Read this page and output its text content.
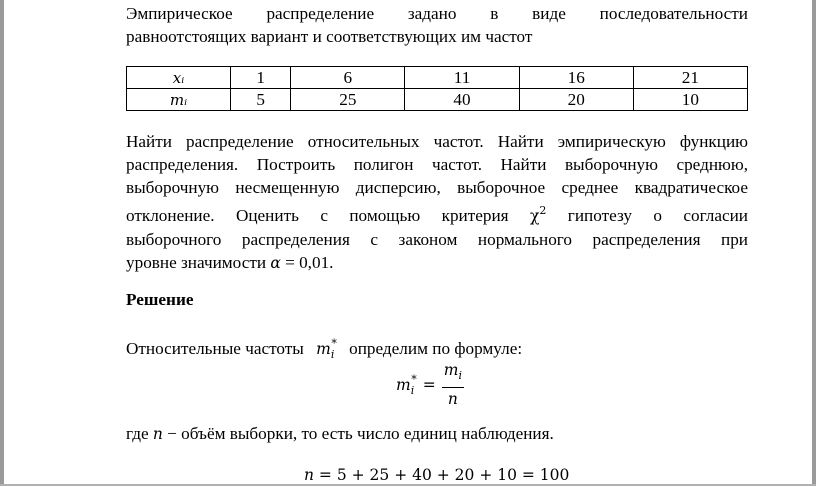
Эмпирическое распределение задано в виде последовательности
равноотстоящих вариант и соответствующих им частот

xᵢ	1	6	11	16	21
mᵢ	5	25	40	20	10

Найти распределение относительных частот. Найти эмпирическую функцию
распределения. Построить полигон частот. Найти выборочную среднюю,
выборочную несмещенную дисперсию, выборочное среднее квадратическое
отклонение. Оценить с помощью критерия $\chi^2$ гипотезу о согласии
выборочного распределения с законом нормального распределения при
уровне значимости α = 0,01.

Решение
Относительные частоты $m_i^*$ определим по формуле:
$m_i^* = \frac{m_i}{n}$
где n − объём выборки, то есть число единиц наблюдения.
n = 5 + 25 + 40 + 20 + 10 = 100
